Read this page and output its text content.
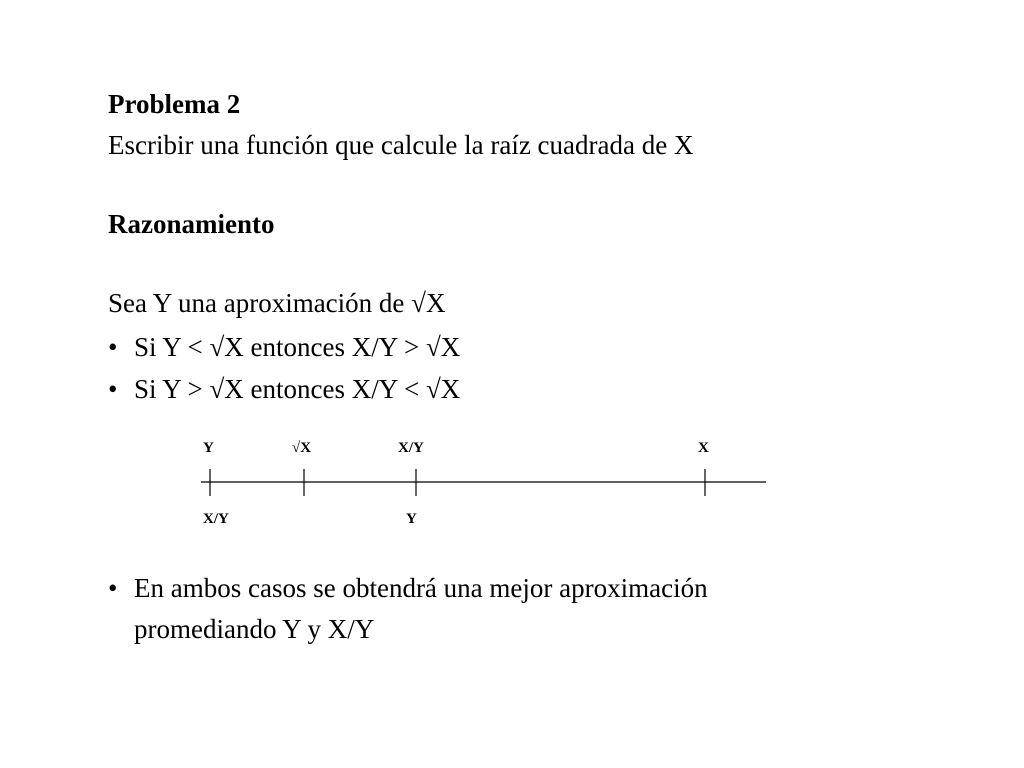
Problema 2
Escribir una función que calcule la raíz cuadrada de X
Razonamiento
Sea Y una aproximación de √X
• Si Y < √X entonces X/Y > √X
• Si Y > √X entonces X/Y < √X
Y	√X	X/Y	X
X/Y	Y
• En ambos casos se obtendrá una mejor aproximación
promediando Y y X/Y
